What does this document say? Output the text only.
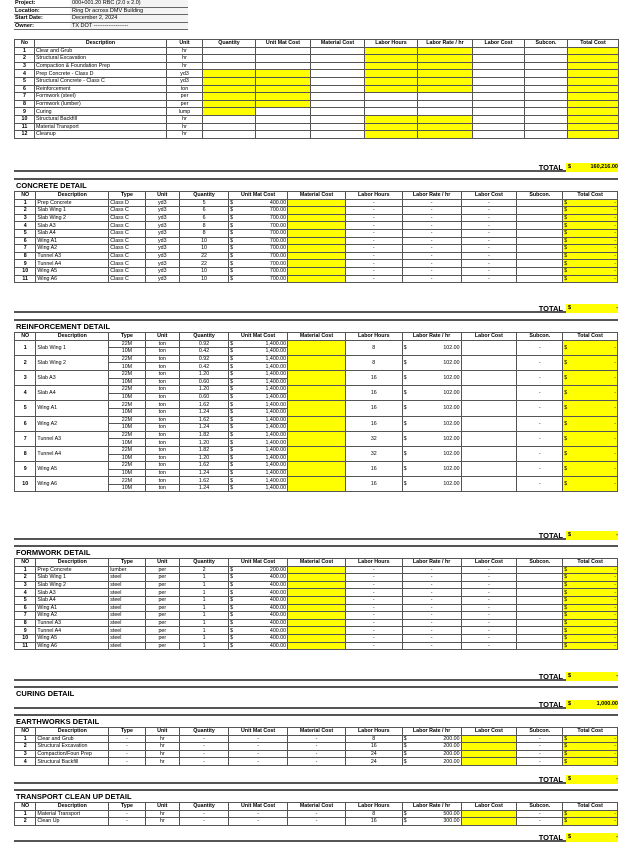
Project:	000+001.20 RBC (2.0 x 2.0)
Location:	Ring Dr across DMV Building
Start Date:	December 2, 2024
Owner:	TX DOT -------------------
No	Description	Unit	Quantity	Unit Mat Cost	Material Cost	Labor Hours	Labor Rate / hr	Labor Cost	Subcon.	Total Cost
1	Clear and Grub	hr								
2	Structural Excavation	hr								
3	Compaction & Foundation Prep	hr								
4	Prep Concrete - Class D	yd3								
5	Structural Concrete - Class C	yd3								
6	Reinforcement	ton								
7	Formwork (steel)	per								
8	Formwork (lumber)	per								
9	Curing	lump								
10	Structural Backfill	hr								
11	Material Transport	hr								
12	Cleanup	hr								
TOTAL $	160,216.00
CONCRETE DETAIL
NO	Description	Type	Unit	Quantity	Unit Mat Cost	Material Cost	Labor Hours	Labor Rate / hr	Labor Cost	Subcon.	Total Cost
1	Prep Concrete	Class D	yd3	5	$ 400.00		-	-	-		$ -

2	Slab Wing 1	Class C	yd3	6	$ 700.00		-	-	-		$ -

3	Slab Wing 2	Class C	yd3	6	$ 700.00		-	-	-		$ -

4	Slab A3	Class C	yd3	8	$ 700.00		-	-	-		$ -

5	Slab A4	Class C	yd3	8	$ 700.00		-	-	-		$ -

6	Wing A1	Class C	yd3	10	$ 700.00		-	-	-		$ -

7	Wing A2	Class C	yd3	10	$ 700.00		-	-	-		$ -

8	Tunnel A3	Class C	yd3	22	$ 700.00		-	-	-		$ -

9	Tunnel A4	Class C	yd3	22	$ 700.00		-	-	-		$ -

10	Wing A5	Class C	yd3	10	$ 700.00		-	-	-		$ -

11	Wing A6	Class C	yd3	10	$ 700.00		-	-	-		$ -
TOTAL $	-
REINFORCEMENT DETAIL
NO	Description	Type	Unit	Quantity	Unit Mat Cost	Material Cost	Labor Hours	Labor Rate / hr	Labor Cost	Subcon.	Total Cost
1	Slab Wing 1	22M	ton	0.92	$ 1,400.00		8	$ 102.00		-	$ -

		10M	ton	0.42	$ 1,400.00						

2	Slab Wing 2	22M	ton	0.92	$ 1,400.00		8	$ 102.00		-	$ -

		10M	ton	0.42	$ 1,400.00						

3	Slab A3	22M	ton	1.20	$ 1,400.00		16	$ 102.00		-	$ -

		10M	ton	0.60	$ 1,400.00						

4	Slab A4	22M	ton	1.20	$ 1,400.00		16	$ 102.00		-	$ -

		10M	ton	0.60	$ 1,400.00						

5	Wing A1	22M	ton	1.62	$ 1,400.00		16	$ 102.00		-	$ -

		10M	ton	1.24	$ 1,400.00						

6	Wing A2	22M	ton	1.62	$ 1,400.00		16	$ 102.00		-	$ -

		10M	ton	1.24	$ 1,400.00						

7	Tunnel A3	22M	ton	1.82	$ 1,400.00		32	$ 102.00		-	$ -

		10M	ton	1.20	$ 1,400.00						

8	Tunnel A4	22M	ton	1.82	$ 1,400.00		32	$ 102.00		-	$ -

		10M	ton	1.20	$ 1,400.00						

9	Wing A5	22M	ton	1.62	$ 1,400.00		16	$ 102.00		-	$ -

		10M	ton	1.24	$ 1,400.00						

10	Wing A6	22M	ton	1.62	$ 1,400.00		16	$ 102.00		-	$ -

		10M	ton	1.24	$ 1,400.00						
TOTAL $	-
FORMWORK DETAIL
NO	Description	Type	Unit	Quantity	Unit Mat Cost	Material Cost	Labor Hours	Labor Rate / hr	Labor Cost	Subcon.	Total Cost
1	Prep Concrete	lumber	per	2	$ 200.00		-	-	-		$ -

2	Slab Wing 1	steel	per	1	$ 400.00		-	-	-		$ -

3	Slab Wing 2	steel	per	1	$ 400.00		-	-	-		$ -

4	Slab A3	steel	per	1	$ 400.00		-	-	-		$ -

5	Slab A4	steel	per	1	$ 400.00		-	-	-		$ -

6	Wing A1	steel	per	1	$ 400.00		-	-	-		$ -

7	Wing A2	steel	per	1	$ 400.00		-	-	-		$ -

8	Tunnel A3	steel	per	1	$ 400.00		-	-	-		$ -

9	Tunnel A4	steel	per	1	$ 400.00		-	-	-		$ -

10	Wing A5	steel	per	1	$ 400.00		-	-	-		$ -

11	Wing A6	steel	per	1	$ 400.00		-	-	-		$ -
TOTAL $	-
CURING DETAIL
TOTAL $	1,000.00
EARTHWORKS DETAIL
NO	Description	Type	Unit	Quantity	Unit Mat Cost	Material Cost	Labor Hours	Labor Rate / hr	Labor Cost	Subcon.	Total Cost
1	Clear and Grub	-	hr	-	-	-	8	$ 200.00		-	$ -

2	Structural Excavation	-	hr	-	-	-	16	$ 200.00		-	$ -

3	Compaction/Foun Prep	-	hr	-	-	-	24	$ 200.00		-	$ -

4	Structural Backfill	-	hr	-	-	-	24	$ 200.00		-	$ -
TOTAL $	-
TRANSPORT CLEAN UP DETAIL
NO	Description	Type	Unit	Quantity	Unit Mat Cost	Material Cost	Labor Hours	Labor Rate / hr	Labor Cost	Subcon.	Total Cost
1	Material Transport	-	hr	-	-	-	8	$ 500.00		-	$ -

2	Clean Up	-	hr	-	-	-	16	$ 300.00		-	$ -
TOTAL $	-
